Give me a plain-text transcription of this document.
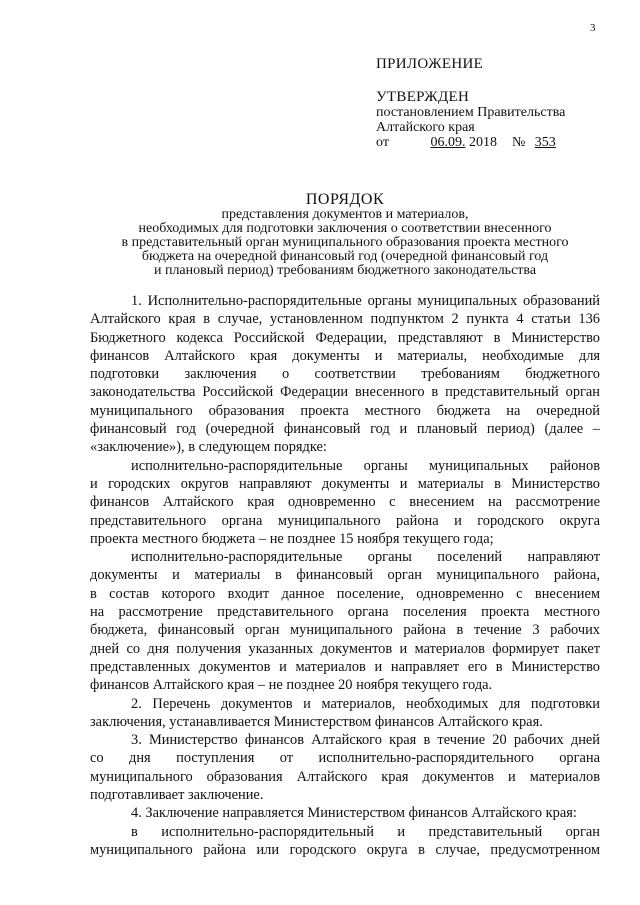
3
ПРИЛОЖЕНИЕ
УТВЕРЖДЕН
постановлением Правительства
Алтайского края
от	06.09. 2018 № 353
ПОРЯДОК
представления документов и материалов,
необходимых для подготовки заключения о соответствии внесенного
в представительный орган муниципального образования проекта местного
бюджета на очередной финансовый год (очередной финансовый год
и плановый период) требованиям бюджетного законодательства
1. Исполнительно-распорядительные органы муниципальных образований
Алтайского края в случае, установленном подпунктом 2 пункта 4 статьи 136
Бюджетного кодекса Российской Федерации, представляют в Министерство
финансов Алтайского края документы и материалы, необходимые для
подготовки заключения о соответствии требованиям бюджетного
законодательства Российской Федерации внесенного в представительный орган
муниципального образования проекта местного бюджета на очередной
финансовый год (очередной финансовый год и плановый период) (далее –
«заключение»), в следующем порядке:
исполнительно-распорядительные органы муниципальных районов
и городских округов направляют документы и материалы в Министерство
финансов Алтайского края одновременно с внесением на рассмотрение
представительного органа муниципального района и городского округа
проекта местного бюджета – не позднее 15 ноября текущего года;
исполнительно-распорядительные органы поселений направляют
документы и материалы в финансовый орган муниципального района,
в состав которого входит данное поселение, одновременно с внесением
на рассмотрение представительного органа поселения проекта местного
бюджета, финансовый орган муниципального района в течение 3 рабочих
дней со дня получения указанных документов и материалов формирует пакет
представленных документов и материалов и направляет его в Министерство
финансов Алтайского края – не позднее 20 ноября текущего года.
2. Перечень документов и материалов, необходимых для подготовки
заключения, устанавливается Министерством финансов Алтайского края.
3. Министерство финансов Алтайского края в течение 20 рабочих дней
со дня поступления от исполнительно-распорядительного органа
муниципального образования Алтайского края документов и материалов
подготавливает заключение.
4. Заключение направляется Министерством финансов Алтайского края:
в исполнительно-распорядительный и представительный орган
муниципального района или городского округа в случае, предусмотренном
